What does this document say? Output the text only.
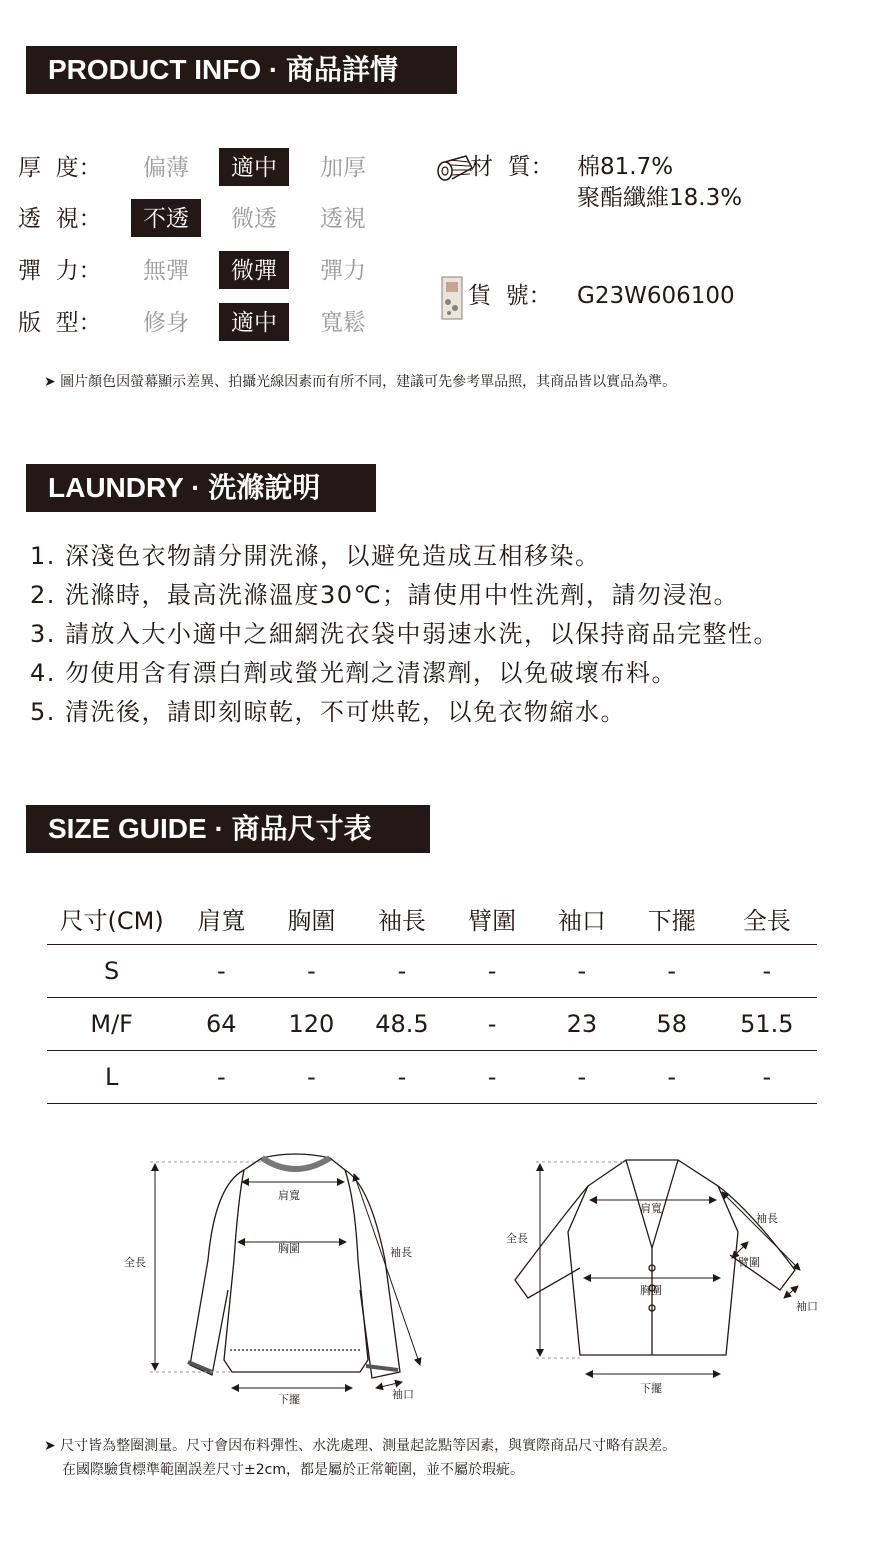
PRODUCT INFO · 商品詳情
厚  度：	偏薄	適中	加厚
透  視：	不透	微透	透視
彈  力：	無彈	微彈	彈力
版  型：	修身	適中	寬鬆
材  質： 棉81.7%
聚酯纖維18.3%
貨  號： G23W606100
➤ 圖片顏色因螢幕顯示差異、拍攝光線因素而有所不同，建議可先參考單品照，其商品皆以實品為準。
LAUNDRY · 洗滌說明
1. 深淺色衣物請分開洗滌，以避免造成互相移染。
2. 洗滌時，最高洗滌溫度30℃；請使用中性洗劑，請勿浸泡。
3. 請放入大小適中之細網洗衣袋中弱速水洗，以保持商品完整性。
4. 勿使用含有漂白劑或螢光劑之清潔劑，以免破壞布料。
5. 清洗後，請即刻晾乾，不可烘乾，以免衣物縮水。
SIZE GUIDE · 商品尺寸表
尺寸(CM)	肩寬	胸圍	袖長	臂圍	袖口	下擺	全長
S	-	-	-	-	-	-	-
M/F	64	120	48.5	-	23	58	51.5
L	-	-	-	-	-	-	-
肩寬
胸圍	袖長
全長
下擺	袖口
肩寬
胸圍
袖長
全長
臂圍
袖口
下擺
➤ 尺寸皆為整圈測量。尺寸會因布料彈性、水洗處理、測量起訖點等因素，與實際商品尺寸略有誤差。
在國際驗貨標準範圍誤差尺寸±2cm，都是屬於正常範圍，並不屬於瑕疵。
